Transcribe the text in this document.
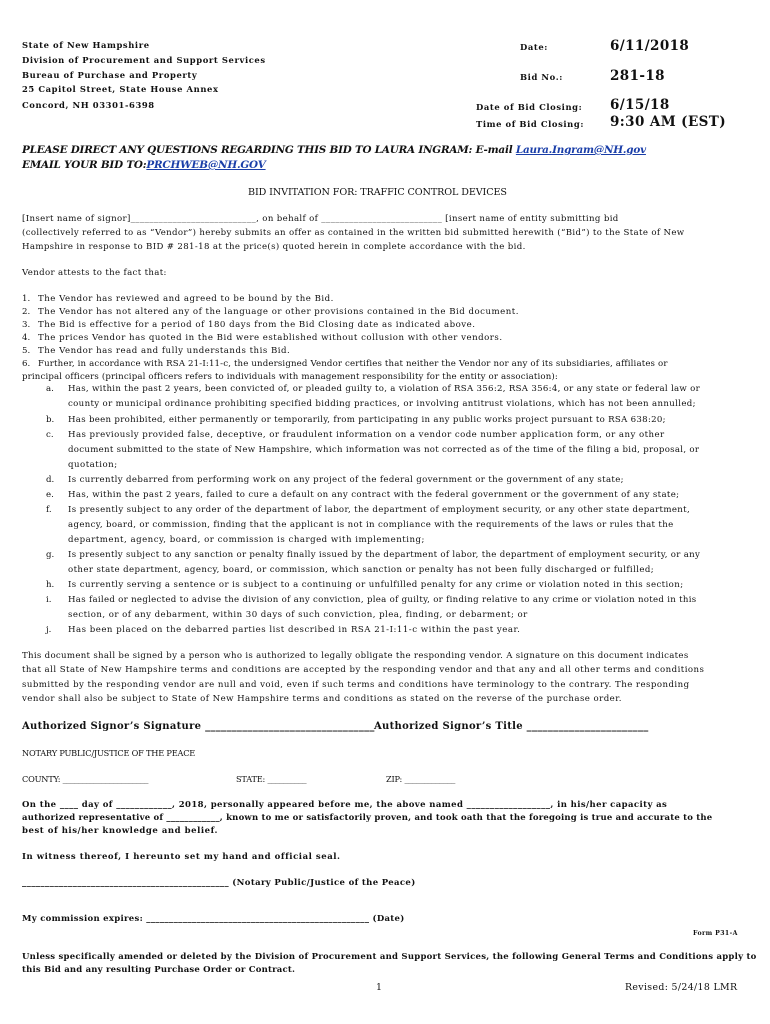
State of New Hampshire
Division of Procurement and Support Services
Bureau of Purchase and Property
25 Capitol Street, State House Annex
Concord, NH 03301-6398
Date:	6/11/2018
Bid No.:	281-18
Date of Bid Closing: 6/15/18
Time of Bid Closing: 9:30 AM (EST)
PLEASE DIRECT ANY QUESTIONS REGARDING THIS BID TO LAURA INGRAM: E-mail Laura.Ingram@NH.gov
EMAIL YOUR BID TO:PRCHWEB@NH.GOV
BID INVITATION FOR: TRAFFIC CONTROL DEVICES
[Insert name of signor]___________________________, on behalf of __________________________ [insert name of entity submitting bid
(collectively referred to as “Vendor”) hereby submits an offer as contained in the written bid submitted herewith (“Bid”) to the State of New
Hampshire in response to BID # 281-18 at the price(s) quoted herein in complete accordance with the bid.
Vendor attests to the fact that:
1. The Vendor has reviewed and agreed to be bound by the Bid.
2. The Vendor has not altered any of the language or other provisions contained in the Bid document.
3. The Bid is effective for a period of 180 days from the Bid Closing date as indicated above.
4. The prices Vendor has quoted in the Bid were established without collusion with other vendors.
5. The Vendor has read and fully understands this Bid.
6. Further, in accordance with RSA 21-I:11-c, the undersigned Vendor certifies that neither the Vendor nor any of its subsidiaries, affiliates or
principal officers (principal officers refers to individuals with management responsibility for the entity or association):
a. Has, within the past 2 years, been convicted of, or pleaded guilty to, a violation of RSA 356:2, RSA 356:4, or any state or federal law or
county or municipal ordinance prohibiting specified bidding practices, or involving antitrust violations, which has not been annulled;
b. Has been prohibited, either permanently or temporarily, from participating in any public works project pursuant to RSA 638:20;
c. Has previously provided false, deceptive, or fraudulent information on a vendor code number application form, or any other
document submitted to the state of New Hampshire, which information was not corrected as of the time of the filing a bid, proposal, or
quotation;
d. Is currently debarred from performing work on any project of the federal government or the government of any state;
e. Has, within the past 2 years, failed to cure a default on any contract with the federal government or the government of any state;
f. Is presently subject to any order of the department of labor, the department of employment security, or any other state department,
agency, board, or commission, finding that the applicant is not in compliance with the requirements of the laws or rules that the
department, agency, board, or commission is charged with implementing;
g. Is presently subject to any sanction or penalty finally issued by the department of labor, the department of employment security, or any
other state department, agency, board, or commission, which sanction or penalty has not been fully discharged or fulfilled;
h. Is currently serving a sentence or is subject to a continuing or unfulfilled penalty for any crime or violation noted in this section;
i. Has failed or neglected to advise the division of any conviction, plea of guilty, or finding relative to any crime or violation noted in this
section, or of any debarment, within 30 days of such conviction, plea, finding, or debarment; or
j. Has been placed on the debarred parties list described in RSA 21-I:11-c within the past year.
This document shall be signed by a person who is authorized to legally obligate the responding vendor. A signature on this document indicates
that all State of New Hampshire terms and conditions are accepted by the responding vendor and that any and all other terms and conditions
submitted by the responding vendor are null and void, even if such terms and conditions have terminology to the contrary. The responding
vendor shall also be subject to State of New Hampshire terms and conditions as stated on the reverse of the purchase order.
Authorized Signor’s Signature ________________________________ Authorized Signor’s Title _______________________
NOTARY PUBLIC/JUSTICE OF THE PEACE
COUNTY: ______________________	STATE: __________	ZIP: _____________
On the ____ day of ____________, 2018, personally appeared before me, the above named __________________, in his/her capacity as
authorized representative of ____________, known to me or satisfactorily proven, and took oath that the foregoing is true and accurate to the
best of his/her knowledge and belief.
In witness thereof, I hereunto set my hand and official seal.
_____________________________________________ (Notary Public/Justice of the Peace)
My commission expires: _________________________________________________ (Date)
Form P31-A
Unless specifically amended or deleted by the Division of Procurement and Support Services, the following General Terms and Conditions apply to
this Bid and any resulting Purchase Order or Contract.
1	Revised: 5/24/18 LMR
